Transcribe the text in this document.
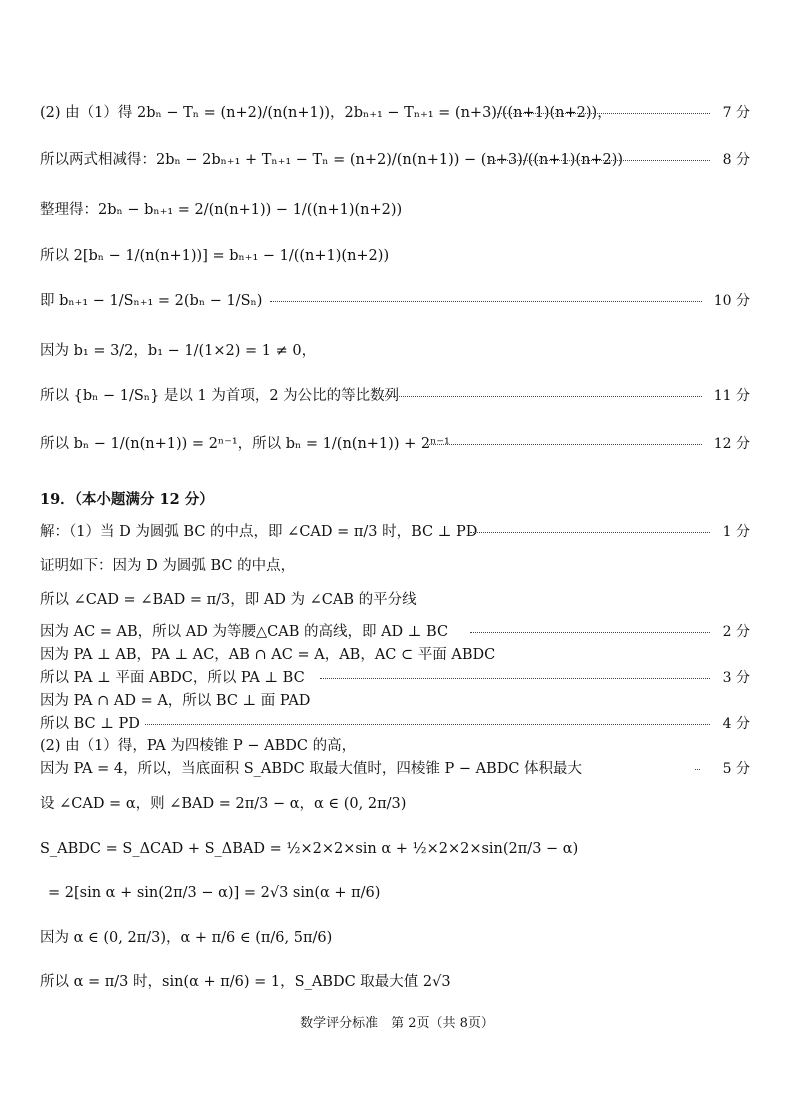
(2) 由（1）得 2bₙ − Tₙ = (n+2)/(n(n+1))，2bₙ₊₁ − Tₙ₊₁ = (n+3)/((n+1)(n+2))，	7 分
所以两式相减得：2bₙ − 2bₙ₊₁ + Tₙ₊₁ − Tₙ = (n+2)/(n(n+1)) − (n+3)/((n+1)(n+2))	8 分
整理得：2bₙ − bₙ₊₁ = 2/(n(n+1)) − 1/((n+1)(n+2))
所以 2[bₙ − 1/(n(n+1))] = bₙ₊₁ − 1/((n+1)(n+2))
即 bₙ₊₁ − 1/Sₙ₊₁ = 2(bₙ − 1/Sₙ)	10 分
因为 b₁ = 3/2，b₁ − 1/(1×2) = 1 ≠ 0，
所以 {bₙ − 1/Sₙ} 是以 1 为首项，2 为公比的等比数列	11 分
所以 bₙ − 1/(n(n+1)) = 2ⁿ⁻¹，所以 bₙ = 1/(n(n+1)) + 2ⁿ⁻¹	12 分
19．（本小题满分 12 分）
解：（1）当 D 为圆弧 BC 的中点，即 ∠CAD = π/3 时，BC ⊥ PD	1 分
证明如下：因为 D 为圆弧 BC 的中点，
所以 ∠CAD = ∠BAD = π/3，即 AD 为 ∠CAB 的平分线
因为 AC = AB，所以 AD 为等腰△CAB 的高线，即 AD ⊥ BC	2 分
因为 PA ⊥ AB，PA ⊥ AC，AB ∩ AC = A，AB，AC ⊂ 平面 ABDC
所以 PA ⊥ 平面 ABDC，所以 PA ⊥ BC	3 分
因为 PA ∩ AD = A，所以 BC ⊥ 面 PAD
所以 BC ⊥ PD	4 分
(2) 由（1）得，PA 为四棱锥 P − ABDC 的高，
因为 PA = 4，所以，当底面积 S_ABDC 取最大值时，四棱锥 P − ABDC 体积最大	5 分
设 ∠CAD = α，则 ∠BAD = 2π/3 − α，α ∈ (0, 2π/3)
S_ABDC = S_ΔCAD + S_ΔBAD = ½×2×2×sin α + ½×2×2×sin(2π/3 − α)
= 2[sin α + sin(2π/3 − α)] = 2√3 sin(α + π/6)
因为 α ∈ (0, 2π/3)，α + π/6 ∈ (π/6, 5π/6)
所以 α = π/3 时，sin(α + π/6) = 1，S_ABDC 取最大值 2√3
数学评分标准　第 2页（共 8页）
